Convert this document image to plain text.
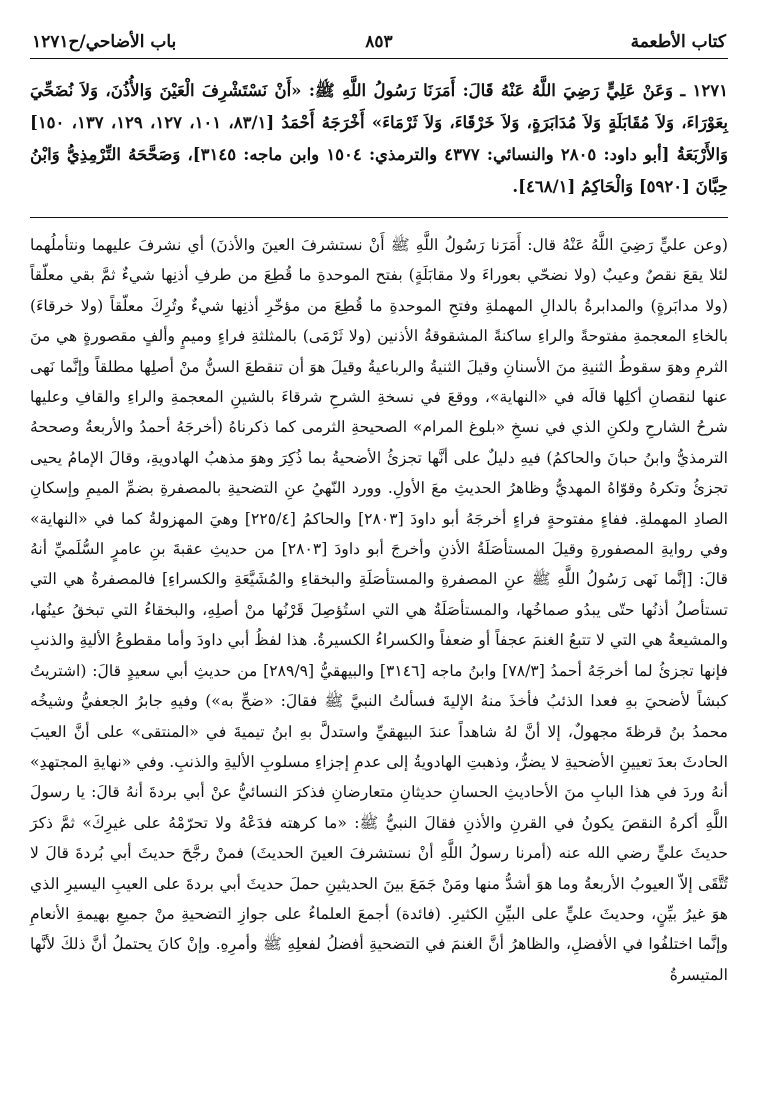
كتاب الأطعمة
٨٥٣
باب الأضاحي/ح١٢٧١
١٢٧١ ـ وَعَنْ عَلِيٍّ رَضِيَ اللَّهُ عَنْهُ قَالَ: أَمَرَنَا رَسُولُ اللَّهِ ﷺ: «أَنْ نَسْتَشْرِفَ الْعَيْنَ وَالأُذُنَ، وَلاَ نُضَحِّيَ بِعَوْرَاءَ، وَلاَ مُقَابَلَةٍ وَلاَ مُدَابَرَةٍ، وَلاَ خَرْقَاءَ، وَلاَ ثَرْمَاءَ» أَخْرَجَهُ أَحْمَدُ [٨٣/١، ١٠١، ١٢٧، ١٢٩، ١٣٧، ١٥٠] وَالأَرْبَعَةُ [أبو داود: ٢٨٠٥ والنسائي: ٤٣٧٧ والترمذي: ١٥٠٤ وابن ماجه: ٣١٤٥]، وَصَحَّحَهُ التِّرْمِذِيُّ وَابْنُ حِبَّانَ [٥٩٢٠] وَالْحَاكِمُ [٤٦٨/١].

(وعن عليٍّ رَضِيَ اللَّهُ عَنْهُ قال: أَمَرَنا رَسُولُ اللَّهِ ﷺ أَنْ نستشرفَ العينَ والأذنَ) أي نشرفَ عليهما ونتأملُهما لئلا يقعَ نقصٌ وعيبٌ (ولا نضحّي بعوراءَ ولا مقابَلَةٍ) بفتح الموحدةِ ما قُطِعَ من طرفِ أذنِها شيءٌ ثمَّ بقي معلّقاً (ولا مدابَرةٍ) والمدابرةُ بالدالِ المهملةِ وفتحِ الموحدةِ ما قُطِعَ من مؤخّرِ أذنِها شيءٌ وتُرِكَ معلّقاً (ولا خرقاءَ) بالخاءِ المعجمةِ مفتوحةً والراءِ ساكنةً المشقوقةُ الأذنين (ولا ثَرْمَى) بالمثلثةِ فراءٍ وميمٍ وألفٍ مقصورةٍ هي منَ الثرمِ وهوَ سقوطُ الثنيةِ منَ الأسنانِ وقيلَ الثنيةُ والرباعيةُ وقيلَ هوَ أن تنقطعَ السنُّ منْ أصلِها مطلقاً وإنَّما نَهى عنها لنقصانِ أكلِها قالَه في «النهاية»، ووقعَ في نسخةِ الشرحِ شرقاءَ بالشينِ المعجمةِ والراءِ والقافِ وعليها شرحُ الشارحِ ولكنِ الذي في نسخِ «بلوغ المرام» الصحيحةِ الثرمى كما ذكرناهُ (أخرجَهُ أحمدُ والأربعةُ وصححهُ الترمذيُّ وابنُ حبانَ والحاكمُ) فيهِ دليلٌ على أنَّها تجزئُ الأضحيةُ بما ذُكِرَ وهوَ مذهبُ الهادويةِ، وقالَ الإمامُ يحيى تجزئُ وتكرهُ وقوّاهُ المهديُّ وظاهرُ الحديثِ معَ الأولِ. وورد النّهيُ عنِ التضحيةِ بالمصفرةِ بضمِّ الميمِ وإسكانِ الصادِ المهملةِ. ففاءٍ مفتوحةٍ فراءٍ أخرجَهُ أبو داودَ [٢٨٠٣] والحاكمُ [٢٢٥/٤] وهيَ المهزولةُ كما في «النهاية» وفي روايةِ المصفورةِ وقيلَ المستأصَلَةُ الأذنِ وأخرجَ أبو داودَ [٢٨٠٣] من حديثِ عقبةَ بنِ عامرٍ السُّلَميِّ أنهُ قالَ: [إنَّما نَهى رَسُولُ اللَّهِ ﷺ عنِ المصفرةِ والمستأصَلَةِ والبخقاءِ والمُشَيَّعَةِ والكسراءِ] فالمصفرةُ هي التي تستأصلُ أذنُها حتّى يبدُو صماخُها، والمستأصَلَةُ هي التي استُؤصِلَ قَرْنُها منْ أصلِهِ، والبخقاءُ التي تبخقُ عينُها، والمشيعةُ هي التي لا تتبعُ الغنمَ عجفاً أو ضعفاً والكسراءُ الكسيرةُ. هذا لفظُ أبي داودَ وأما مقطوعُ الأليةِ والذنبِ فإنها تجزئُ لما أخرجَهُ أحمدُ [٧٨/٣] وابنُ ماجه [٣١٤٦] والبيهقيُّ [٢٨٩/٩] من حديثِ أبي سعيدٍ قالَ: (اشتريتُ كبشاً لأضحيَ بهِ فعدا الذئبُ فأخذَ منهُ الإليةَ فسألتُ النبيَّ ﷺ فقالَ: «ضحِّ به») وفيهِ جابرُ الجعفيُّ وشيخُه محمدُ بنُ قرظةَ مجهولٌ، إلا أنَّ لهُ شاهداً عندَ البيهقيِّ واستدلَّ بهِ ابنُ تيميةَ في «المنتقى» على أنَّ العيبَ الحادثَ بعدَ تعيينِ الأضحيةِ لا يضرُّ، وذهبتِ الهادويةُ إلى عدمِ إجزاءِ مسلوبِ الأليةِ والذنبِ. وفي «نهايةِ المجتهدِ» أنهُ وردَ في هذا البابِ منَ الأحاديثِ الحسانِ حديثانِ متعارضانِ فذكرَ النسائيُّ عنْ أبي بردةَ أنهُ قالَ: يا رسولَ اللَّهِ أكرهُ النقصَ يكونُ في القرنِ والأذنِ فقالَ النبيُّ ﷺ: «ما كرهته فدَعْهُ ولا تحرّمْهُ على غيرِكَ» ثمَّ ذكرَ حديثَ عليٍّ رضي الله عنه (أمرنا رسولُ اللَّهِ أنْ نستشرفَ العينَ الحديثَ) فمنْ رجَّحَ حديثَ أبي بُردةَ قالَ لا تُتَّقَى إلاّ العيوبُ الأربعةُ وما هوَ أشدُّ منها ومَنْ جَمَعَ بينَ الحديثينِ حملَ حديثَ أبي بردةَ على العيبِ اليسيرِ الذي هوَ غيرُ بيِّنٍ، وحديثَ عليٍّ على البيِّنِ الكثيرِ. (فائدة) أجمعَ العلماءُ على جوازِ التضحيةِ منْ جميعِ بهيمةِ الأنعامِ وإنَّما اختلفُوا في الأفضلِ، والظاهرُ أنَّ الغنمَ في التضحيةِ أفضلُ لفعلِهِ ﷺ وأمرِهِ. وإنْ كانَ يحتملُ أنَّ ذلكَ لأنَّها المتيسرةُ
